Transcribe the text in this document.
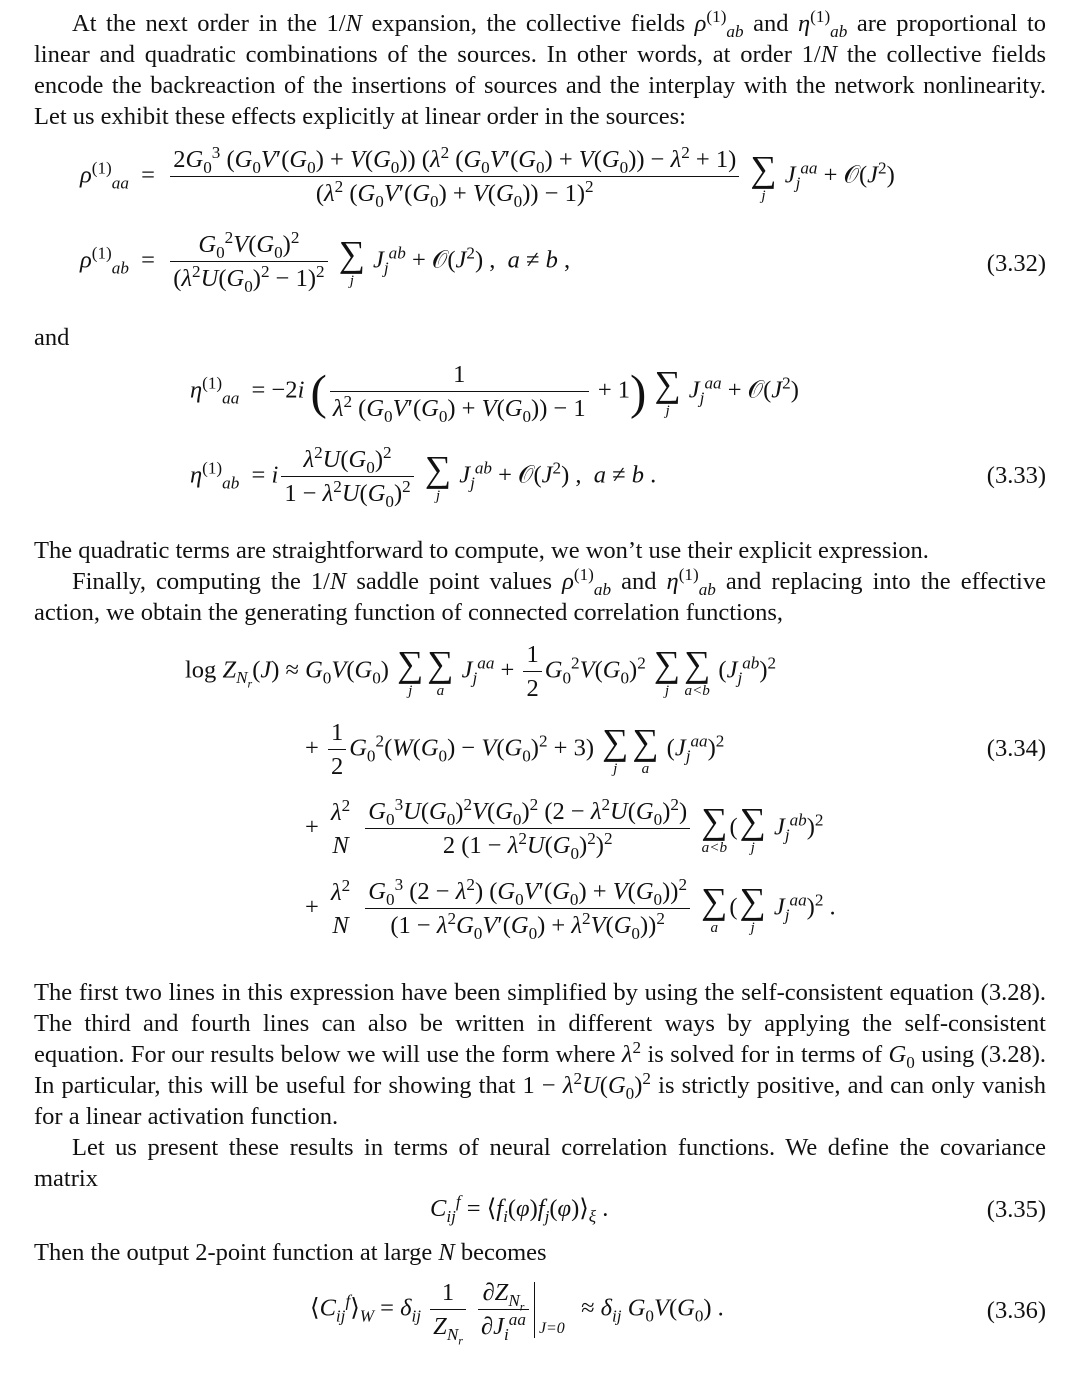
At the next order in the 1/N expansion, the collective fields $\rho^{(1)}_{ab}$ and $\eta^{(1)}_{ab}$ are proportional to linear and quadratic combinations of the sources. In other words, at order 1/N the collective fields encode the backreaction of the insertions of sources and the interplay with the network nonlinearity. Let us exhibit these effects explicitly at linear order in the sources:

$\rho^{(1)}_{aa} = \frac{2G_0^3 (G_0V'(G_0) + V(G_0)) (\lambda^2 (G_0V'(G_0) + V(G_0)) - \lambda^2 + 1)}{(\lambda^2 (G_0V'(G_0) + V(G_0)) - 1)^2}$
∑
j
$J_j^{aa}$ + $𝒪(J^2)$
$\rho^{(1)}_{ab} = \frac{G_0^2V(G_0)^2}{(\lambda^2U(G_0)^2 - 1)^2}$
∑
j
$J_j^{ab}$ + $𝒪(J^2)$ ,  a ≠ b ,	(3.32)

and

$\eta^{(1)}_{aa} = -2i$ ( $\frac{1}{\lambda^2 (G_0V'(G_0) + V(G_0)) - 1} + 1$) ∑
j
$J_j^{aa}$ + $𝒪(J^2)$
$\eta^{(1)}_{ab} = i \frac{\lambda^2U(G_0)^2}{1 - \lambda^2U(G_0)^2}$
∑
j
$J_j^{ab}$ + $𝒪(J^2)$ ,  a ≠ b .	(3.33)

The quadratic terms are straightforward to compute, we won’t use their explicit expression.

Finally, computing the 1/N saddle point values $\rho^{(1)}_{ab}$ and $\eta^{(1)}_{ab}$ and replacing into the effective action, we obtain the generating function of connected correlation functions,

$\log Z_{N_r}(J) \approx G_0V(G_0)$ ∑
j
∑
a
$J_j^{aa} + \frac{1}{2} G_0^2V(G_0)^2$ ∑
j
∑
a<b
$(J_j^{ab})^2$
+ $\frac{1}{2} G_0^2(W(G_0) - V(G_0)^2 + 3)$ ∑
j
∑
a
$(J_j^{aa})^2$	(3.34)
+
$\lambda^2$
N
$\frac{G_0^3U(G_0)^2V(G_0)^2 (2 - \lambda^2U(G_0)^2)}{2 (1 - \lambda^2U(G_0)^2)^2}$
∑
a<b
( ∑
j
$J_j^{ab})^2$
+
$\lambda^2$
N
$\frac{G_0^3 (2 - \lambda^2) (G_0V'(G_0) + V(G_0))^2}{(1 - \lambda^2G_0V'(G_0) + \lambda^2V(G_0))^2}$
∑
a
( ∑
j
$J_j^{aa})^2$ .

The first two lines in this expression have been simplified by using the self-consistent equation (3.28). The third and fourth lines can also be written in different ways by applying the self-consistent equation. For our results below we will use the form where $\lambda^2$ is solved for in terms of $G_0$ using (3.28). In particular, this will be useful for showing that $1 - \lambda^2U(G_0)^2$ is strictly positive, and can only vanish for a linear activation function.

Let us present these results in terms of neural correlation functions. We define the covariance matrix

$C_{ij}^f$ = $⟨f_i(\varphi)f_j(\varphi)⟩_\xi$ .	(3.35)

Then the output 2-point function at large N becomes

$⟨C_{ij}^f⟩_W = \delta_{ij} \frac{1}{Z_{N_r}}$
$\frac{\partial Z_{N_r}}{\partial J_i^{aa}} J=0$
≈ $\delta_{ij}$ $G_0V(G_0)$ .	(3.36)
